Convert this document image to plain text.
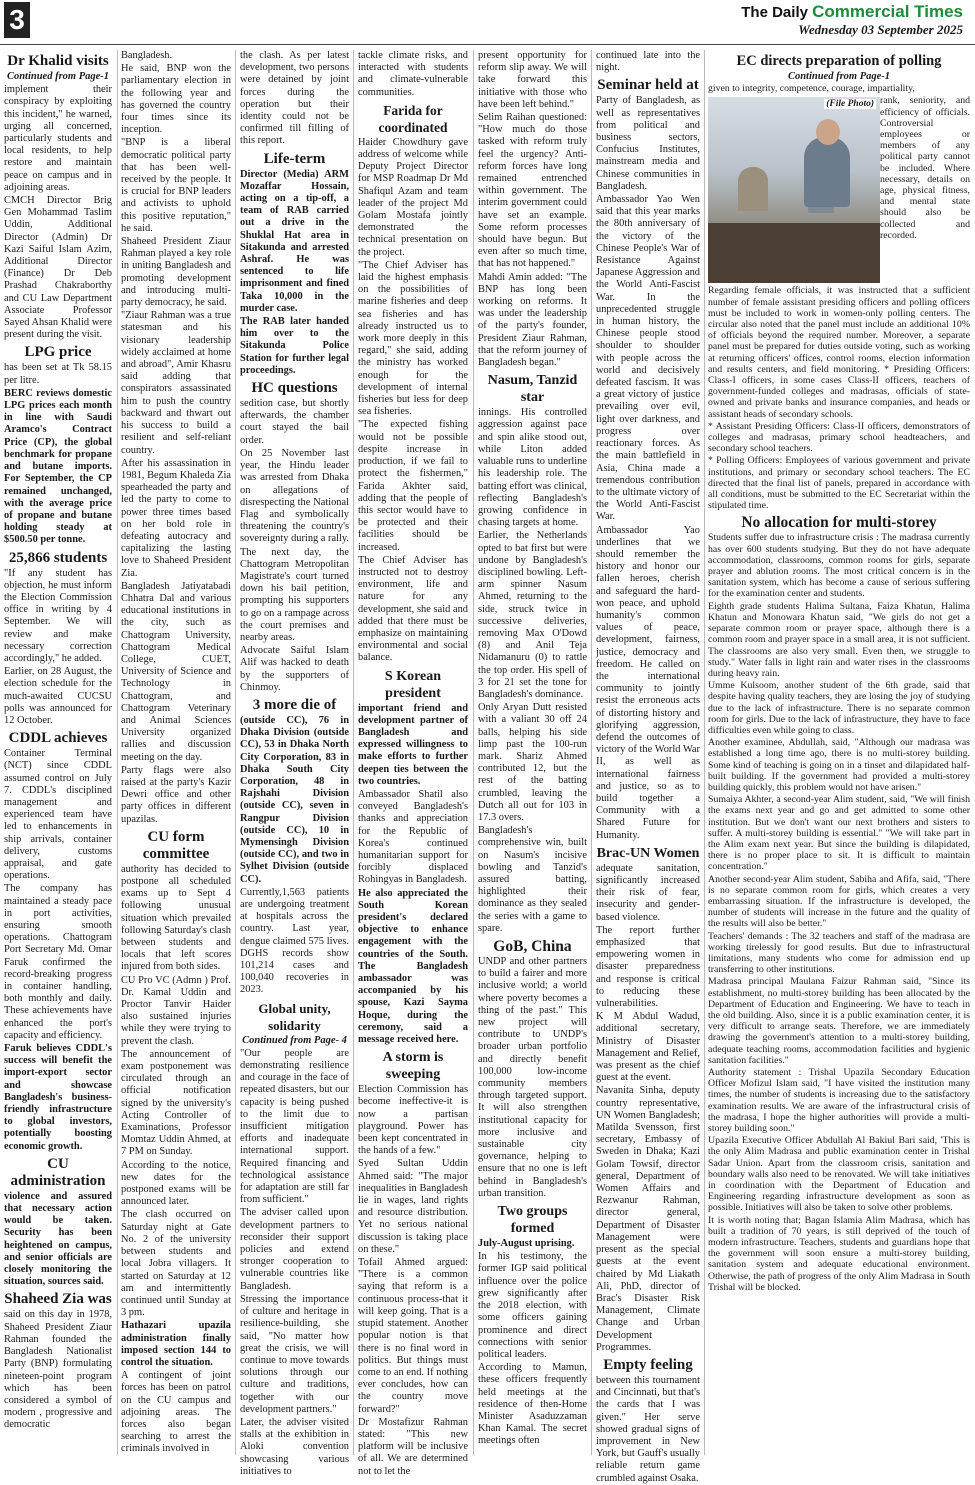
3	The Daily Commercial Times
Wednesday 03 September 2025
Dr Khalid visits
Continued from Page-1

implement their conspiracy by exploiting this incident," he warned, urging all concerned, particularly students and local residents, to help restore and maintain peace on campus and in adjoining areas.

CMCH Director Brig Gen Mohammad Taslim Uddin, Additional Director (Admin) Dr Kazi Saiful Islam Azim, Additional Director (Finance) Dr Deb Prashad Chakraborthy and CU Law Department Associate Professor Sayed Ahsan Khalid were present during the visit.

LPG price

has been set at Tk 58.15 per litre.

BERC reviews domestic LPG prices each month in line with Saudi Aramco's Contract Price (CP), the global benchmark for propane and butane imports. For September, the CP remained unchanged, with the average price of propane and butane holding steady at $500.50 per tonne.

25,866 students

"If any student has objection, he must inform the Election Commission office in writing by 4 September. We will review and make necessary correction accordingly," he added.

Earlier, on 28 August, the election schedule for the much-awaited CUCSU polls was announced for 12 October.

CDDL achieves

Container Terminal (NCT) since CDDL assumed control on July 7. CDDL's disciplined management and experienced team have led to enhancements in ship arrivals, container delivery, customs appraisal, and gate operations.

The company has maintained a steady pace in port activities, ensuring smooth operations. Chattogram Port Secretary Md. Omar Faruk confirmed the record-breaking progress in container handling, both monthly and daily. These achievements have enhanced the port's capacity and efficiency.

Faruk believes CDDL's success will benefit the import-export sector and showcase Bangladesh's business-friendly infrastructure to global investors, potentially boosting economic growth.

CU administration

violence and assured that necessary action would be taken. Security has been heightened on campus, and senior officials are closely monitoring the situation, sources said.

Shaheed Zia was

said on this day in 1978, Shaheed President Ziaur Rahman founded the Bangladesh Nationalist Party (BNP) formulating nineteen-point program which has been considered a symbol of modern , progressive and democratic

Bangladesh.

He said, BNP won the parliamentary election in the following year and has governed the country four times since its inception.

"BNP is a liberal democratic political party that has been well-received by the people. It is crucial for BNP leaders and activists to uphold this positive reputation," he said.

Shaheed President Ziaur Rahman played a key role in uniting Bangladesh and promoting development and introducing multi-party democracy, he said.

"Ziaur Rahman was a true statesman and his visionary leadership widely acclaimed at home and abroad", Amir Khasru said adding that conspirators assassinated him to push the country backward and thwart out his success to build a resilient and self-reliant country.

After his assassination in 1981, Begum Khaleda Zia spearheaded the party and led the party to come to power three times based on her bold role in defeating autocracy and capitalizing the lasting love to Shaheed President Zia.

Bangladesh Jatiyatabadi Chhatra Dal and various educational institutions in the city, such as Chattogram University, Chattogram Medical College, CUET, University of Science and Technology in Chattogram, and Chattogram Veterinary and Animal Sciences University organized rallies and discussion meeting on the day.

Party flags were also raised at the party's Kazir Dewri office and other party offices in different upazilas.

CU form committee

authority has decided to postpone all scheduled exams up to Sept 4 following unusual situation which prevailed following Saturday's clash between students and locals that left scores injured from both sides.

CU Pro VC (Admn ) Prof. Dr. Kamal Uddin and Proctor Tanvir Haider also sustained injuries while they were trying to prevent the clash.

The announcement of exam postponement was circulated through an official notification signed by the university's Acting Controller of Examinations, Professor Momtaz Uddin Ahmed, at 7 PM on Sunday.

According to the notice, new dates for the postponed exams will be announced later.

The clash occurred on Saturday night at Gate No. 2 of the university between students and local Jobra villagers. It started on Saturday at 12 am and intermittently continued until Sunday at 3 pm.

Hathazari upazila administration finally imposed section 144 to control the situation.

A contingent of joint forces has been on patrol on the CU campus and adjoining areas. The forces also began searching to arrest the criminals involved in

the clash. As per latest development, two persons were detained by joint forces during the operation but their identity could not be confirmed till filling of this report.

Life-term

Director (Media) ARM Mozaffar Hossain, acting on a tip-off, a team of RAB carried out a drive in the Shuklal Hat area in Sitakunda and arrested Ashraf. He was sentenced to life imprisonment and fined Taka 10,000 in the murder case.

The RAB later handed him over to the Sitakunda Police Station for further legal proceedings.

HC questions

sedition case, but shortly afterwards, the chamber court stayed the bail order.

On 25 November last year, the Hindu leader was arrested from Dhaka on allegations of disrespecting the National Flag and symbolically threatening the country's sovereignty during a rally.

The next day, the Chattogram Metropolitan Magistrate's court turned down his bail petition, prompting his supporters to go on a rampage across the court premises and nearby areas.

Advocate Saiful Islam Alif was hacked to death by the supporters of Chinmoy.

3 more die of

(outside CC), 76 in Dhaka Division (outside CC), 53 in Dhaka North City Corporation, 83 in Dhaka South City Corporation, 48 in Rajshahi Division (outside CC), seven in Rangpur Division (outside CC), 10 in Mymensingh Division (outside CC), and two in Sylhet Division (outside CC).

Currently,1,563 patients are undergoing treatment at hospitals across the country. Last year, dengue claimed 575 lives. DGHS records show 101,214 cases and 100,040 recoveries in 2023.

Global unity, solidarity
Continued from Page- 4

"Our people are demonstrating resilience and courage in the face of repeated disasters, but our capacity is being pushed to the limit due to insufficient mitigation efforts and inadequate international support. Required financing and technological assistance for adaptation are still far from sufficient."

The adviser called upon development partners to reconsider their support policies and extend stronger cooperation to vulnerable countries like Bangladesh.

Stressing the importance of culture and heritage in resilience-building, she said, "No matter how great the crisis, we will continue to move towards solutions through our culture and traditions, together with our development partners."

Later, the adviser visited stalls at the exhibition in Aloki convention showcasing various initiatives to

tackle climate risks, and interacted with students and climate-vulnerable communities.

Farida for coordinated

Haider Chowdhury gave address of welcome while Deputy Project Director for MSP Roadmap Dr Md Shafiqul Azam and team leader of the project Md Golam Mostafa jointly demonstrated the technical presentation on the project.

"The Chief Adviser has laid the highest emphasis on the possibilities of marine fisheries and deep sea fisheries and has already instructed us to work more deeply in this regard," she said, adding the ministry has worked enough for the development of internal fisheries but less for deep sea fisheries.

"The expected fishing would not be possible despite increase in production, if we fail to protect the fishermen," Farida Akhter said, adding that the people of this sector would have to be protected and their facilities should be increased.

The Chief Adviser has instructed not to destroy environment, life and nature for any development, she said and added that there must be emphasize on maintaining environmental and social balance.

S Korean president

important friend and development partner of Bangladesh and expressed willingness to make efforts to further deepen ties between the two countries.

Ambassador Shatil also conveyed Bangladesh's thanks and appreciation for the Republic of Korea's continued humanitarian support for forcibly displaced Rohingyas in Bangladesh.

He also appreciated the South Korean president's declared objective to enhance engagement with the countries of the South. The Bangladesh ambassador was accompanied by his spouse, Kazi Sayma Hoque, during the ceremony, said a message received here.

A storm is sweeping

Election Commission has become ineffective-it is now a partisan playground. Power has been kept concentrated in the hands of a few."

Syed Sultan Uddin Ahmed said: "The major inequalities in Bangladesh lie in wages, land rights and resource distribution. Yet no serious national discussion is taking place on these."

Tofail Ahmed argued: "There is a common saying that reform is a continuous process-that it will keep going. That is a stupid statement. Another popular notion is that there is no final word in politics. But things must come to an end. If nothing ever concludes, how can the country move forward?"

Dr Mostafizur Rahman stated: "This new platform will be inclusive of all. We are determined not to let the

present opportunity for reform slip away. We will take forward this initiative with those who have been left behind."

Selim Raihan questioned: "How much do those tasked with reform truly feel the urgency? Anti-reform forces have long remained entrenched within government. The interim government could have set an example. Some reform processes should have begun. But even after so much time, that has not happened."

Mahdi Amin added: "The BNP has long been working on reforms. It was under the leadership of the party's founder, President Ziaur Rahman, that the reform journey of Bangladesh began."

Nasum, Tanzid star

innings. His controlled aggression against pace and spin alike stood out, while Liton added valuable runs to underline his leadership role. The batting effort was clinical, reflecting Bangladesh's growing confidence in chasing targets at home.

Earlier, the Netherlands opted to bat first but were undone by Bangladesh's disciplined bowling. Left-arm spinner Nasum Ahmed, returning to the side, struck twice in successive deliveries, removing Max O'Dowd (8) and Anil Teja Nidamanuru (0) to rattle the top order. His spell of 3 for 21 set the tone for Bangladesh's dominance.

Only Aryan Dutt resisted with a valiant 30 off 24 balls, helping his side limp past the 100-run mark. Shariz Ahmed contributed 12, but the rest of the batting crumbled, leaving the Dutch all out for 103 in 17.3 overs.

Bangladesh's comprehensive win, built on Nasum's incisive bowling and Tanzid's assured batting, highlighted their dominance as they sealed the series with a game to spare.

GoB, China

UNDP and other partners to build a fairer and more inclusive world; a world where poverty becomes a thing of the past." This new project will contribute to UNDP's broader urban portfolio and directly benefit 100,000 low-income community members through targeted support. It will also strengthen institutional capacity for more inclusive and sustainable city governance, helping to ensure that no one is left behind in Bangladesh's urban transition.

Two groups formed

July-August uprising.

In his testimony, the former IGP said political influence over the police grew significantly after the 2018 election, with some officers gaining prominence and direct connections with senior political leaders.

According to Mamun, these officers frequently held meetings at the residence of then-Home Minister Asaduzzaman Khan Kamal. The secret meetings often

continued late into the night.

Seminar held at

Party of Bangladesh, as well as representatives from political and business sectors, Confucius Institutes, mainstream media and Chinese communities in Bangladesh.

Ambassador Yao Wen said that this year marks the 80th anniversary of the victory of the Chinese People's War of Resistance Against Japanese Aggression and the World Anti-Fascist War. In the unprecedented struggle in human history, the Chinese people stood shoulder to shoulder with people across the world and decisively defeated fascism. It was a great victory of justice prevailing over evil, light over darkness, and progress over reactionary forces. As the main battlefield in Asia, China made a tremendous contribution to the ultimate victory of the World Anti-Fascist War.

Ambassador Yao underlines that we should remember the history and honor our fallen heroes, cherish and safeguard the hard-won peace, and uphold humanity's common values of peace, development, fairness, justice, democracy and freedom. He called on the international community to jointly resist the erroneous acts of distorting history and glorifying aggression, defend the outcomes of victory of the World War II, as well as international fairness and justice, so as to build together a Community with a Shared Future for Humanity.

Brac-UN Women

adequate sanitation, significantly increased their risk of fear, insecurity and gender-based violence.

The report further emphasized that empowering women in disaster preparedness and response is critical to reducing these vulnerabilities.

K M Abdul Wadud, additional secretary, Ministry of Disaster Management and Relief, was present as the chief guest at the event.

Navanita Sinha, deputy country representative, UN Women Bangladesh; Matilda Svensson, first secretary, Embassy of Sweden in Dhaka; Kazi Golam Towsif, director general, Department of Women Affairs and Rezwanur Rahman, director general, Department of Disaster Management were present as the special guests at the event chaired by Md Liakath Ali, PhD, director of Brac's Disaster Risk Management, Climate Change and Urban Development Programmes.

Empty feeling

between this tournament and Cincinnati, but that's the cards that I was given." Her serve showed gradual signs of improvement in New York, but Gauff's usually reliable return game crumbled against Osaka.

EC directs preparation of polling
Continued from Page-1

given to integrity, competence, courage, impartiality,

(File Photo) rank, seniority, and efficiency of officials. Controversial employees or members of any political party cannot be included. Where necessary, details on age, physical fitness, and mental state should also be collected and recorded.

Regarding female officials, it was instructed that a sufficient number of female assistant presiding officers and polling officers must be included to work in women-only polling centers. The circular also noted that the panel must include an additional 10% of officials beyond the required number. Moreover, a separate panel must be prepared for duties outside voting, such as working at returning officers' offices, control rooms, election information and results centers, and field monitoring. * Presiding Officers: Class-I officers, in some cases Class-II officers, teachers of government-funded colleges and madrasas, officials of state-owned and private banks and insurance companies, and heads or assistant heads of secondary schools.

* Assistant Presiding Officers: Class-II officers, demonstrators of colleges and madrasas, primary school headteachers, and secondary school teachers.

* Polling Officers: Employees of various government and private institutions, and primary or secondary school teachers. The EC directed that the final list of panels, prepared in accordance with all conditions, must be submitted to the EC Secretariat within the stipulated time.

No allocation for multi-storey

Students suffer due to infrastructure crisis : The madrasa currently has over 600 students studying. But they do not have adequate accommodation, classrooms, common rooms for girls, separate prayer and ablution rooms. The most critical concern is in the sanitation system, which has become a cause of serious suffering for the examination center and students.

Eighth grade students Halima Sultana, Faiza Khatun, Halima Khatun and Monowara Khatun said, "We girls do not get a separate common room or prayer space, although there is a common room and prayer space in a small area, it is not sufficient. The classrooms are also very small. Even then, we struggle to study." Water falls in light rain and water rises in the classrooms during heavy rain.

Umme Kulsoom, another student of the 6th grade, said that despite having quality teachers, they are losing the joy of studying due to the lack of infrastructure. There is no separate common room for girls. Due to the lack of infrastructure, they have to face difficulties even while going to class.

Another examinee, Abdullah, said, "Although our madrasa was established a long time ago, there is no multi-storey building. Some kind of teaching is going on in a tinset and dilapidated half-built building. If the government had provided a multi-storey building quickly, this problem would not have arisen."

Sumaiya Akhter, a second-year Alim student, said, "We will finish the exams next year and go and get admitted to some other institution. But we don't want our next brothers and sisters to suffer. A multi-storey building is essential." "We will take part in the Alim exam next year. But since the building is dilapidated, there is no proper place to sit. It is difficult to maintain concentration."

Another second-year Alim student, Sabiha and Afifa, said, "There is no separate common room for girls, which creates a very embarrassing situation. If the infrastructure is developed, the number of students will increase in the future and the quality of the results will also be better."

Teachers' demands : The 32 teachers and staff of the madrasa are working tirelessly for good results. But due to infrastructural limitations, many students who come for admission end up transferring to other institutions.

Madrasa principal Maulana Faizur Rahman said, "Since its establishment, no multi-storey building has been allocated by the Department of Education and Engineering. We have to teach in the old building. Also, since it is a public examination center, it is very difficult to arrange seats. Therefore, we are immediately drawing the government's attention to a multi-storey building, adequate teaching rooms, accommodation facilities and hygienic sanitation facilities."

Authority statement : Trishal Upazila Secondary Education Officer Mofizul Islam said, "I have visited the institution many times, the number of students is increasing due to the satisfactory examination results. We are aware of the infrastructural crisis of the madrasa, I hope the higher authorities will provide a multi-storey building soon."

Upazila Executive Officer Abdullah Al Bakiul Bari said, 'This is the only Alim Madrasa and public examination center in Trishal Sadar Union. Apart from the classroom crisis, sanitation and boundary walls also need to be renovated. We will take initiatives in coordination with the Department of Education and Engineering regarding infrastructure development as soon as possible. Initiatives will also be taken to solve other problems.

It is worth noting that; Bagan Islamia Alim Madrasa, which has built a tradition of 70 years, is still deprived of the touch of modern infrastructure. Teachers, students and guardians hope that the government will soon ensure a multi-storey building, sanitation system and adequate educational environment. Otherwise, the path of progress of the only Alim Madrasa in South Trishal will be blocked.
